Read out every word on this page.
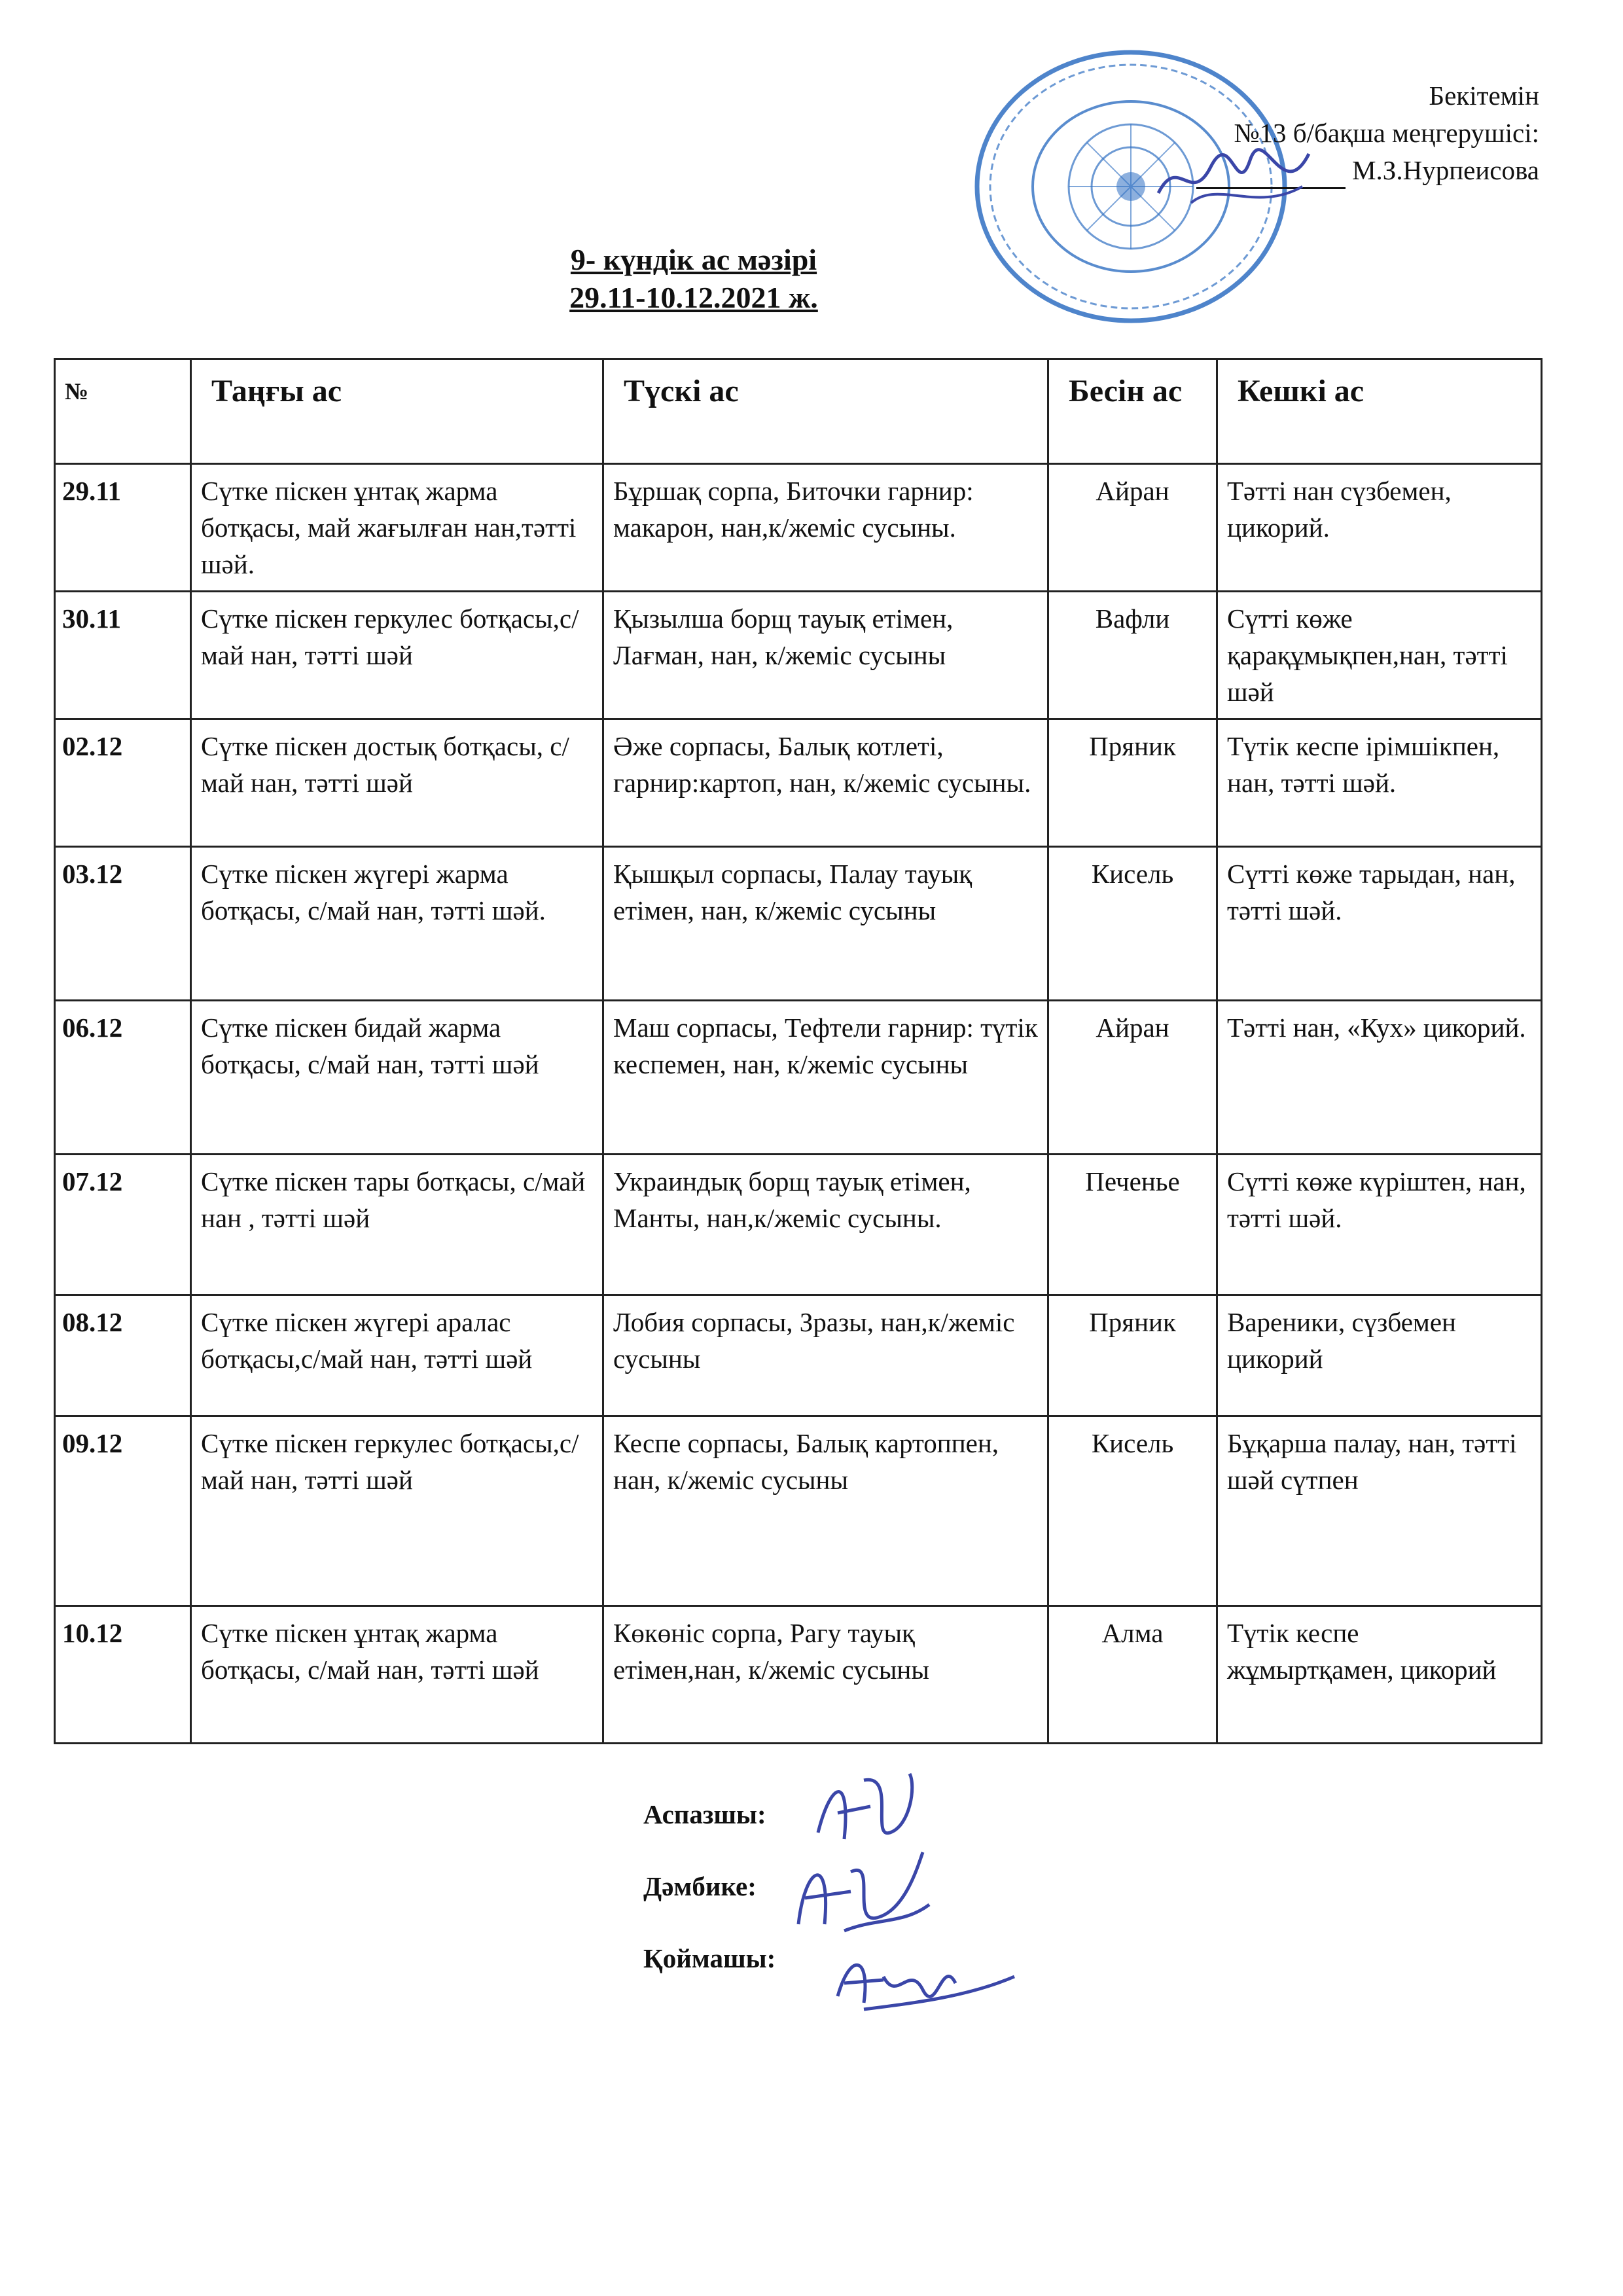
Бекітемін
№13 б/бақша меңгерушісі:
М.З.Нурпеисова
9- күндік ас мәзірі
29.11-10.12.2021 ж.
№	Таңғы ас	Түскі ас	Бесін ас	Кешкі ас
29.11	Сүтке піскен ұнтақ жарма ботқасы, май жағылған нан,тәтті шәй.	Бұршақ сорпа, Биточки гарнир: макарон, нан,к/жеміс сусыны.	Айран	Тәтті нан сүзбемен, цикорий.
30.11	Сүтке піскен геркулес ботқасы,с/май нан, тәтті шәй	Қызылша борщ тауық етімен, Лағман, нан, к/жеміс сусыны	Вафли	Сүтті көже қарақұмықпен,нан, тәтті шәй
02.12	Сүтке піскен достық ботқасы, с/май нан, тәтті шәй	Әже сорпасы, Балық котлеті, гарнир:картоп, нан, к/жеміс сусыны.	Пряник	Түтік кеспе ірімшікпен, нан, тәтті шәй.
03.12	Сүтке піскен жүгері жарма ботқасы, с/май нан, тәтті шәй.	Қышқыл сорпасы, Палау тауық етімен, нан, к/жеміс сусыны	Кисель	Сүтті көже тарыдан, нан, тәтті шәй.
06.12	Сүтке піскен бидай жарма ботқасы, с/май нан, тәтті шәй	Маш сорпасы, Тефтели гарнир: түтік кеспемен, нан, к/жеміс сусыны	Айран	Тәтті нан, «Кух» цикорий.
07.12	Сүтке піскен тары ботқасы, с/май нан , тәтті шәй	Украиндық борщ тауық етімен, Манты, нан,к/жеміс сусыны.	Печенье	Сүтті көже күріштен, нан, тәтті шәй.
08.12	Сүтке піскен жүгері аралас ботқасы,с/май нан, тәтті шәй	Лобия сорпасы, Зразы, нан,к/жеміс сусыны	Пряник	Вареники, сүзбемен цикорий
09.12	Сүтке піскен геркулес ботқасы,с/май нан, тәтті шәй	Кеспе сорпасы, Балық картоппен, нан, к/жеміс сусыны	Кисель	Бұқарша палау, нан, тәтті шәй сүтпен
10.12	Сүтке піскен ұнтақ жарма ботқасы, с/май нан, тәтті шәй	Көкөніс сорпа, Рагу тауық етімен,нан, к/жеміс сусыны	Алма	Түтік кеспе жұмыртқамен, цикорий
Аспазшы:
Дәмбике:
Қоймашы:
